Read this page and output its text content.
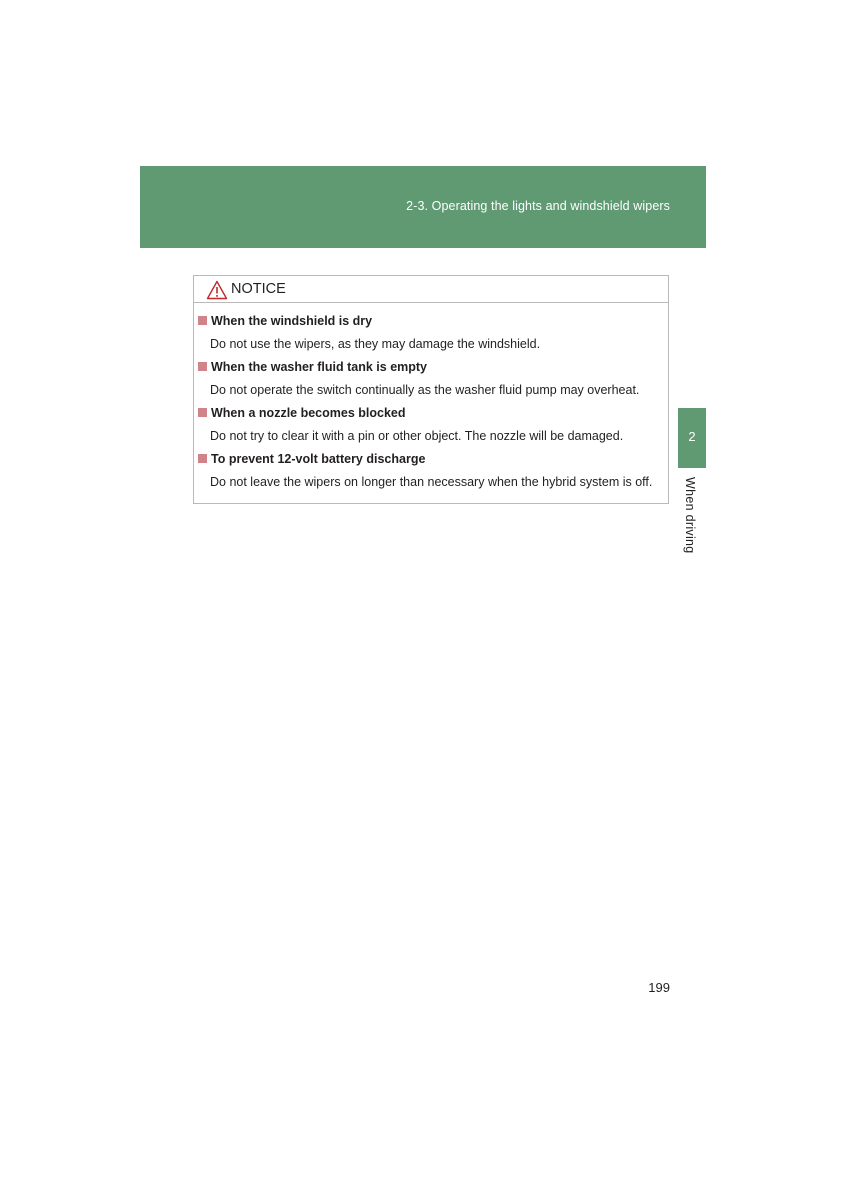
2-3. Operating the lights and windshield wipers
NOTICE
When the windshield is dry
Do not use the wipers, as they may damage the windshield.
When the washer fluid tank is empty
Do not operate the switch continually as the washer fluid pump may overheat.
When a nozzle becomes blocked
Do not try to clear it with a pin or other object. The nozzle will be damaged.
To prevent 12-volt battery discharge
Do not leave the wipers on longer than necessary when the hybrid system is off.
2
When driving
199
